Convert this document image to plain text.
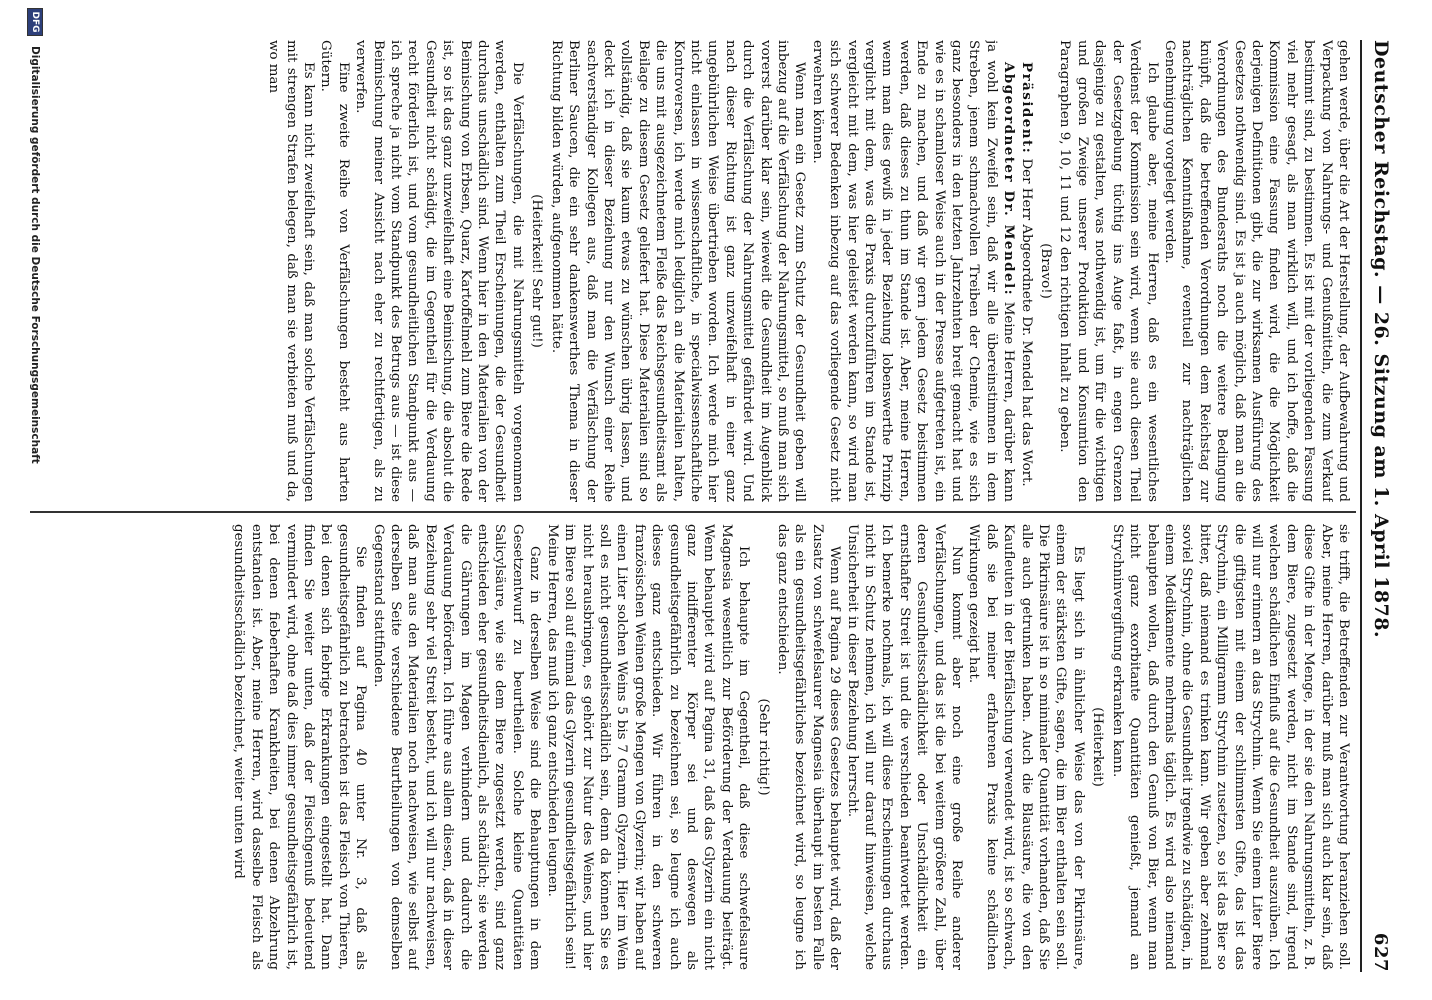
Deutscher Reichstag. — 26. Sitzung am 1. April 1878.
627

gehen werde, über die Art der Herstellung, der Aufbewahrung und Verpackung von Nahrungs- und Genußmitteln, die zum Verkauf bestimmt sind, zu bestimmen. Es ist mit der vorliegenden Fassung viel mehr gesagt, als man wirklich will, und ich hoffe, daß die Kommission eine Fassung finden wird, die die Möglichkeit derjenigen Definitionen gibt, die zur wirksamen Ausführung des Gesetzes nothwendig sind. Es ist ja auch möglich, daß man an die Verordnungen des Bundesraths noch die weitere Bedingung knüpft, daß die betreffenden Verordnungen dem Reichstag zur nachträglichen Kenntnißnahme, eventuell zur nachträglichen Genehmigung vorgelegt werden.

Ich glaube aber, meine Herren, daß es ein wesentliches Verdienst der Kommission sein wird, wenn sie auch diesen Theil der Gesetzgebung tüchtig ins Auge faßt, in engen Grenzen dasjenige zu gestalten, was nothwendig ist, um für die wichtigen und großen Zweige unserer Produktion und Konsumtion den Paragraphen 9, 10, 11 und 12 den richtigen Inhalt zu geben.

(Bravo!)

Präsident: Der Herr Abgeordnete Dr. Mendel hat das Wort.

Abgeordneter Dr. Mendel: Meine Herren, darüber kann ja wohl kein Zweifel sein, daß wir alle übereinstimmen in dem Streben, jenem schmachvollen Treiben der Chemie, wie es sich ganz besonders in den letzten Jahrzehnten breit gemacht hat und wie es in schamloser Weise auch in der Presse aufgetreten ist, ein Ende zu machen, und daß wir gern jedem Gesetz beistimmen werden, daß dieses zu thun im Stande ist. Aber, meine Herren, wenn man dies gewiß in jeder Beziehung lobenswerthe Prinzip verglicht mit dem, was die Praxis durchzuführen im Stande ist, vergleicht mit dem, was hier geleistet werden kann, so wird man sich schwerer Bedenken inbezug auf das vorliegende Gesetz nicht erwehren können.

Wenn man ein Gesetz zum Schutz der Gesundheit geben will inbezug auf die Verfälschung der Nahrungsmittel, so muß man sich vorerst darüber klar sein, wieweit die Gesundheit im Augenblick durch die Verfälschung der Nahrungsmittel gefährdet wird. Und nach dieser Richtung ist ganz unzweifelhaft in einer ganz ungebührlichen Weise übertrieben worden. Ich werde mich hier nicht einlassen in wissenschaftliche, in specialwissenschaftliche Kontroversen, ich werde mich lediglich an die Materialien halten, die uns mit ausgezeichnetem Fleiße das Reichsgesundheitsamt als Beilage zu diesem Gesetz geliefert hat. Diese Materialien sind so vollständig, daß sie kaum etwas zu wünschen übrig lassen, und deckt ich in dieser Beziehung nur den Wunsch einer Reihe sachverständiger Kollegen aus, daß man die Verfälschung der Berliner Saucen, die ein sehr dankenswerthes Thema in dieser Richtung bilden würden, aufgenommen hätte.

(Heiterkeit! Sehr gut!)

Die Verfälschungen, die mit Nahrungsmitteln vorgenommen werden, enthalten zum Theil Erscheinungen, die der Gesundheit durchaus unschädlich sind. Wenn hier in den Materialien von der Beimischung von Erbsen, Quarz, Kartoffelmehl zum Biere die Rede ist, so ist das ganz unzweifelhaft eine Beimischung, die absolut die Gesundheit nicht schädigt, die im Gegentheil für die Verdauung recht förderlich ist, und vom gesundheitlichen Standpunkt aus — ich spreche ja nicht vom Standpunkt des Betrugs aus — ist diese Beimischung meiner Ansicht nach eher zu rechtfertigen, als zu verwerfen.

Eine zweite Reihe von Verfälschungen besteht aus harten Gütern.

Es kann nicht zweifelhaft sein, daß man solche Verfälschungen mit strengen Strafen belegen, daß man sie verbieten muß und da, wo man

sie trifft, die Betreffenden zur Verantwortung heranziehen soll. Aber, meine Herren, darüber muß man sich auch klar sein, daß diese Gifte in der Menge, in der sie den Nahrungsmitteln, z. B. dem Biere, zugesetzt werden, nicht im Stande sind, irgend welchen schädlichen Einfluß auf die Gesundheit auszuüben. Ich will nur erinnern an das Strychnin. Wenn Sie einem Liter Biere die giftigsten mit einem der schlimmsten Gifte, das ist das Strychnin, ein Milligramm Strychnin zusetzen, so ist das Bier so bitter, daß niemand es trinken kann. Wir geben aber zehnmal soviel Strychnin, ohne die Gesundheit irgendwie zu schädigen, in einem Medikamente mehrmals täglich. Es wird also niemand behaupten wollen, daß durch den Genuß von Bier, wenn man nicht ganz exorbitante Quantitäten genießt, jemand an Strychninvergiftung erkranken kann.

(Heiterkeit)

Es liegt sich in ähnlicher Weise das von der Pikrinsäure, einem der stärksten Gifte, sagen, die im Bier enthalten sein soll. Die Pikrinsäure ist in so minimaler Quantität vorhanden, daß Sie alle auch getrunken haben. Auch die Blausäure, die von den Kaufleuten in der Bierfälschung verwendet wird, ist so schwach, daß sie bei meiner erfahrenen Praxis keine schädlichen Wirkungen gezeigt hat.

Nun kommt aber noch eine große Reihe anderer Verfälschungen, und das ist die bei weitem größere Zahl, über deren Gesundheitsschädlichkeit oder Unschädlichkeit ein ernsthafter Streit ist und die verschieden beantwortet werden. Ich bemerke nochmals, ich will diese Erscheinungen durchaus nicht in Schutz nehmen, ich will nur darauf hinweisen, welche Unsicherheit in dieser Beziehung herrscht.

Wenn auf Pagina 29 dieses Gesetzes behauptet wird, daß der Zusatz von schwefelsaurer Magnesia überhaupt im besten Falle als ein gesundheitsgefährliches bezeichnet wird, so leugne ich das ganz entschieden.

(Sehr richtig!)

Ich behaupte im Gegentheil, daß diese schwefelsaure Magnesia wesentlich zur Beförderung der Verdauung beiträgt. Wenn behauptet wird auf Pagina 31, daß das Glyzerin ein nicht ganz indifferenter Körper sei und deswegen als gesundheitsgefährlich zu bezeichnen sei, so leugne ich auch dieses ganz entschieden. Wir führen in den schweren französischen Weinen große Mengen von Glyzerin; wir haben auf einen Liter solchen Weins 5 bis 7 Gramm Glyzerin. Hier im Wein soll es nicht gesundheitsschädlich sein, denn da können Sie es nicht herausbringen, es gehört zur Natur des Weines, und hier im Biere soll auf einmal das Glyzerin gesundheitsgefährlich sein! Meine Herren, das muß ich ganz entschieden leugnen.

Ganz in derselben Weise sind die Behauptungen in dem Gesetzentwurf zu beurtheilen. Solche kleine Quantitäten Salicylsäure, wie sie dem Biere zugesetzt werden, sind ganz entschieden eher gesundheitsdienlich, als schädlich; sie werden die Gährungen im Magen verhindern und dadurch die Verdauung befördern. Ich führe aus allem diesen, daß in dieser Beziehung sehr viel Streit besteht, und ich will nur nachweisen, daß man aus den Materialien noch nachweisen, wie selbst auf derselben Seite verschiedene Beurtheilungen von demselben Gegenstand stattfinden.

Sie finden auf Pagina 40 unter Nr. 3, daß als gesundheitsgefährlich zu betrachten ist das Fleisch von Thieren, bei denen sich fiebrige Erkrankungen eingestellt hat. Dann finden Sie weiter unten, daß der Fleischgenuß bedeutend vermindert wird, ohne daß dies immer gesundheitsgefährlich ist, bei denen fieberhaften Krankheiten, bei denen Abzehrung entstanden ist. Aber, meine Herren, wird dasselbe Fleisch als gesundheitsschädlich bezeichnet, weiter unten wird

DFG
Digitalisierung gefördert durch die Deutsche Forschungsgemeinschaft
